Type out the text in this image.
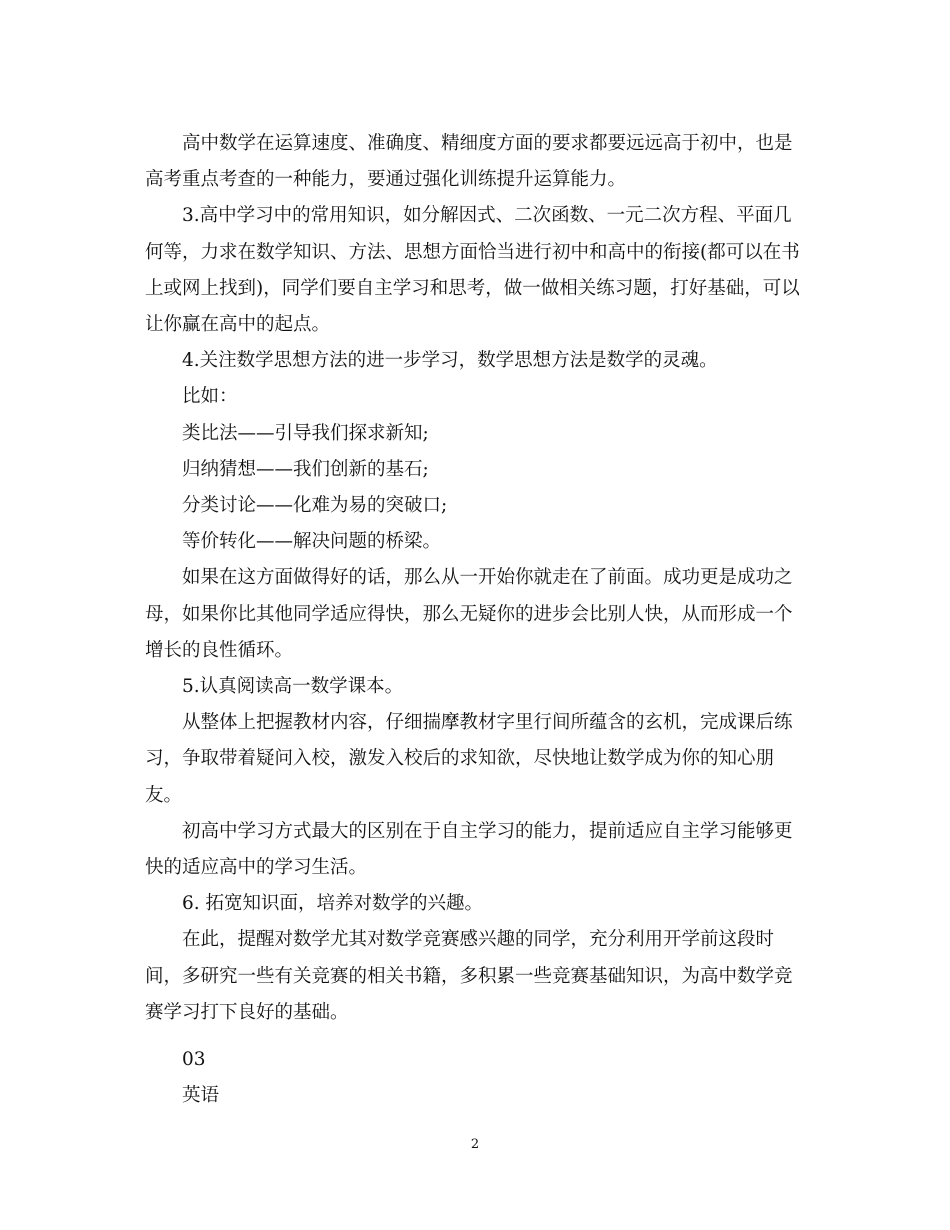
高中数学在运算速度、准确度、精细度方面的要求都要远远高于初中，也是高考重点考查的一种能力，要通过强化训练提升运算能力。

3.高中学习中的常用知识，如分解因式、二次函数、一元二次方程、平面几何等，力求在数学知识、方法、思想方面恰当进行初中和高中的衔接(都可以在书上或网上找到)，同学们要自主学习和思考，做一做相关练习题，打好基础，可以让你赢在高中的起点。

4.关注数学思想方法的进一步学习，数学思想方法是数学的灵魂。

比如：

类比法——引导我们探求新知;

归纳猜想——我们创新的基石;

分类讨论——化难为易的突破口;

等价转化——解决问题的桥梁。

如果在这方面做得好的话，那么从一开始你就走在了前面。成功更是成功之母，如果你比其他同学适应得快，那么无疑你的进步会比别人快，从而形成一个增长的良性循环。

5.认真阅读高一数学课本。

从整体上把握教材内容，仔细揣摩教材字里行间所蕴含的玄机，完成课后练习，争取带着疑问入校，激发入校后的求知欲，尽快地让数学成为你的知心朋友。

初高中学习方式最大的区别在于自主学习的能力，提前适应自主学习能够更快的适应高中的学习生活。

6. 拓宽知识面，培养对数学的兴趣。

在此，提醒对数学尤其对数学竞赛感兴趣的同学，充分利用开学前这段时间，多研究一些有关竞赛的相关书籍，多积累一些竞赛基础知识，为高中数学竞赛学习打下良好的基础。

03

英语

2
